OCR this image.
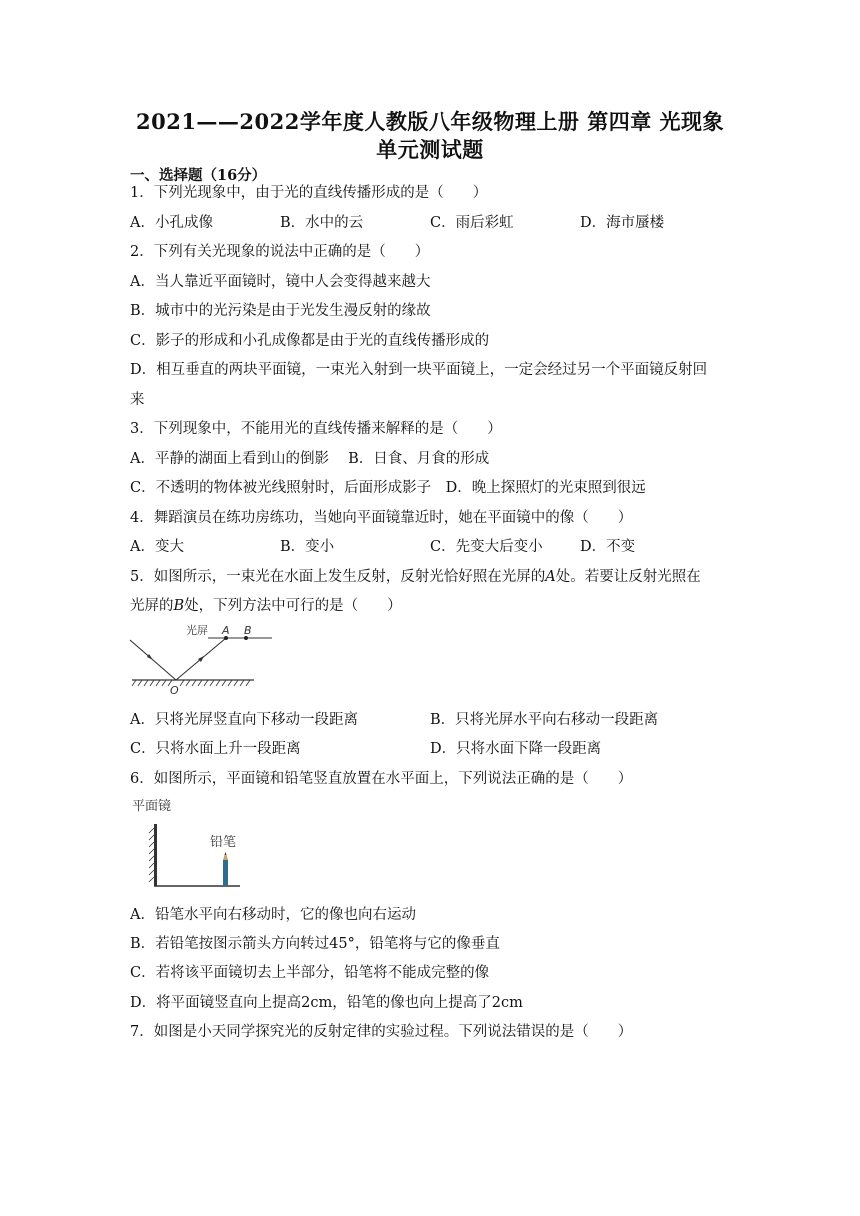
2021——2022学年度人教版八年级物理上册 第四章 光现象
单元测试题
一、选择题（16分）
1．下列光现象中，由于光的直线传播形成的是（　　）
A．小孔成像	B．水中的云	C．雨后彩虹	D．海市蜃楼
2．下列有关光现象的说法中正确的是（　　）
A．当人靠近平面镜时，镜中人会变得越来越大
B．城市中的光污染是由于光发生漫反射的缘故
C．影子的形成和小孔成像都是由于光的直线传播形成的
D．相互垂直的两块平面镜，一束光入射到一块平面镜上，一定会经过另一个平面镜反射回
来
3．下列现象中，不能用光的直线传播来解释的是（　　）
A．平静的湖面上看到山的倒影　 B．日食、月食的形成
C．不透明的物体被光线照射时，后面形成影子　D．晚上探照灯的光束照到很远
4．舞蹈演员在练功房练功，当她向平面镜靠近时，她在平面镜中的像（　　）
A．变大	B．变小	C．先变大后变小	D．不变
5．如图所示，一束光在水面上发生反射，反射光恰好照在光屏的A处。若要让反射光照在
光屏的B处，下列方法中可行的是（　　）
光屏 A B
O
A．只将光屏竖直向下移动一段距离	B．只将光屏水平向右移动一段距离
C．只将水面上升一段距离	D．只将水面下降一段距离
6．如图所示，平面镜和铅笔竖直放置在水平面上，下列说法正确的是（　　）
平面镜
铅笔
A．铅笔水平向右移动时，它的像也向右运动
B．若铅笔按图示箭头方向转过45°，铅笔将与它的像垂直
C．若将该平面镜切去上半部分，铅笔将不能成完整的像
D．将平面镜竖直向上提高2cm，铅笔的像也向上提高了2cm
7．如图是小天同学探究光的反射定律的实验过程。下列说法错误的是（　　）
